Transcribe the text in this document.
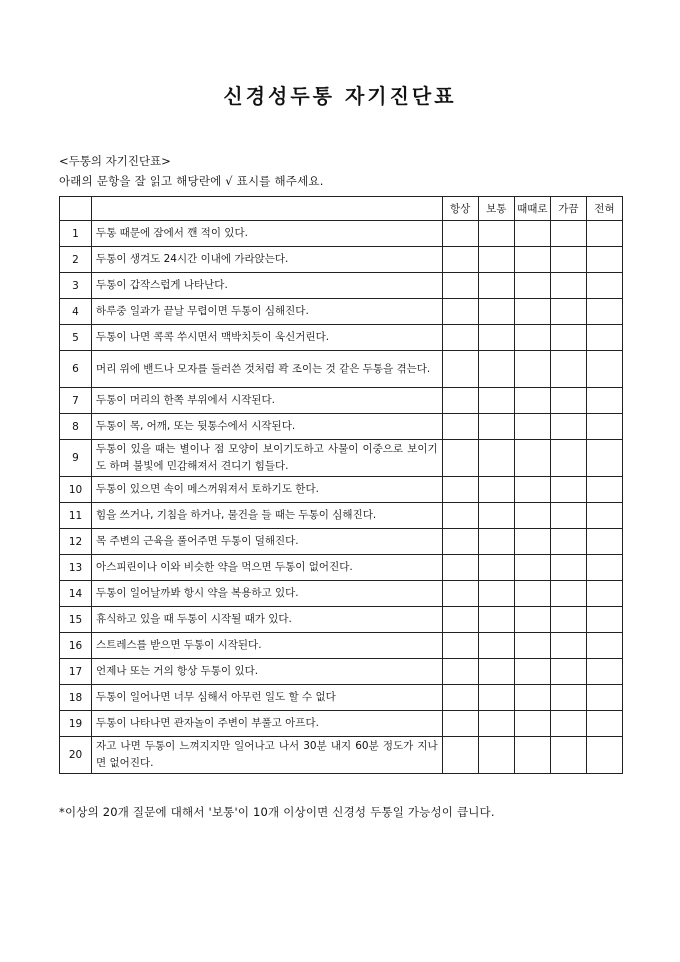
신경성두통 자기진단표
<두통의 자기진단표>
아래의 문항을 잘 읽고 해당란에 √ 표시를 해주세요.
		항상	보통	때때로	가끔	전혀
1	두통 때문에 잠에서 깬 적이 있다.					
2	두통이 생겨도 24시간 이내에 가라앉는다.					
3	두통이 갑작스럽게 나타난다.					
4	하루중 일과가 끝날 무렵이면 두통이 심해진다.					
5	두통이 나면 콕콕 쑤시면서 맥박치듯이 욱신거린다.					
6	머리 위에 밴드나 모자를 둘러쓴 것처럼 꽉 조이는 것 같은 두통을 겪는다.					
7	두통이 머리의 한쪽 부위에서 시작된다.					
8	두통이 목, 어깨, 또는 뒷통수에서 시작된다.					
9	두통이 있을 때는 별이나 점 모양이 보이기도하고 사물이 이중으로 보이기도 하며 불빛에 민감해져서 견디기 힘들다.					
10	두통이 있으면 속이 메스꺼워져서 토하기도 한다.					
11	힘을 쓰거나, 기침을 하거나, 물건을 들 때는 두통이 심해진다.					
12	목 주변의 근육을 풀어주면 두통이 덜해진다.					
13	아스피린이나 이와 비슷한 약을 먹으면 두통이 없어진다.					
14	두통이 일어날까봐 항시 약을 복용하고 있다.					
15	휴식하고 있을 때 두통이 시작될 때가 있다.					
16	스트레스를 받으면 두통이 시작된다.					
17	언제나 또는 거의 항상 두통이 있다.					
18	두통이 일어나면 너무 심해서 아무런 일도 할 수 없다					
19	두통이 나타나면 관자놀이 주변이 부풀고 아프다.					
20	자고 나면 두통이 느껴지지만 일어나고 나서 30분 내지 60분 정도가 지나면 없어진다.					
*이상의 20개 질문에 대해서 '보통'이 10개 이상이면 신경성 두통일 가능성이 큽니다.
